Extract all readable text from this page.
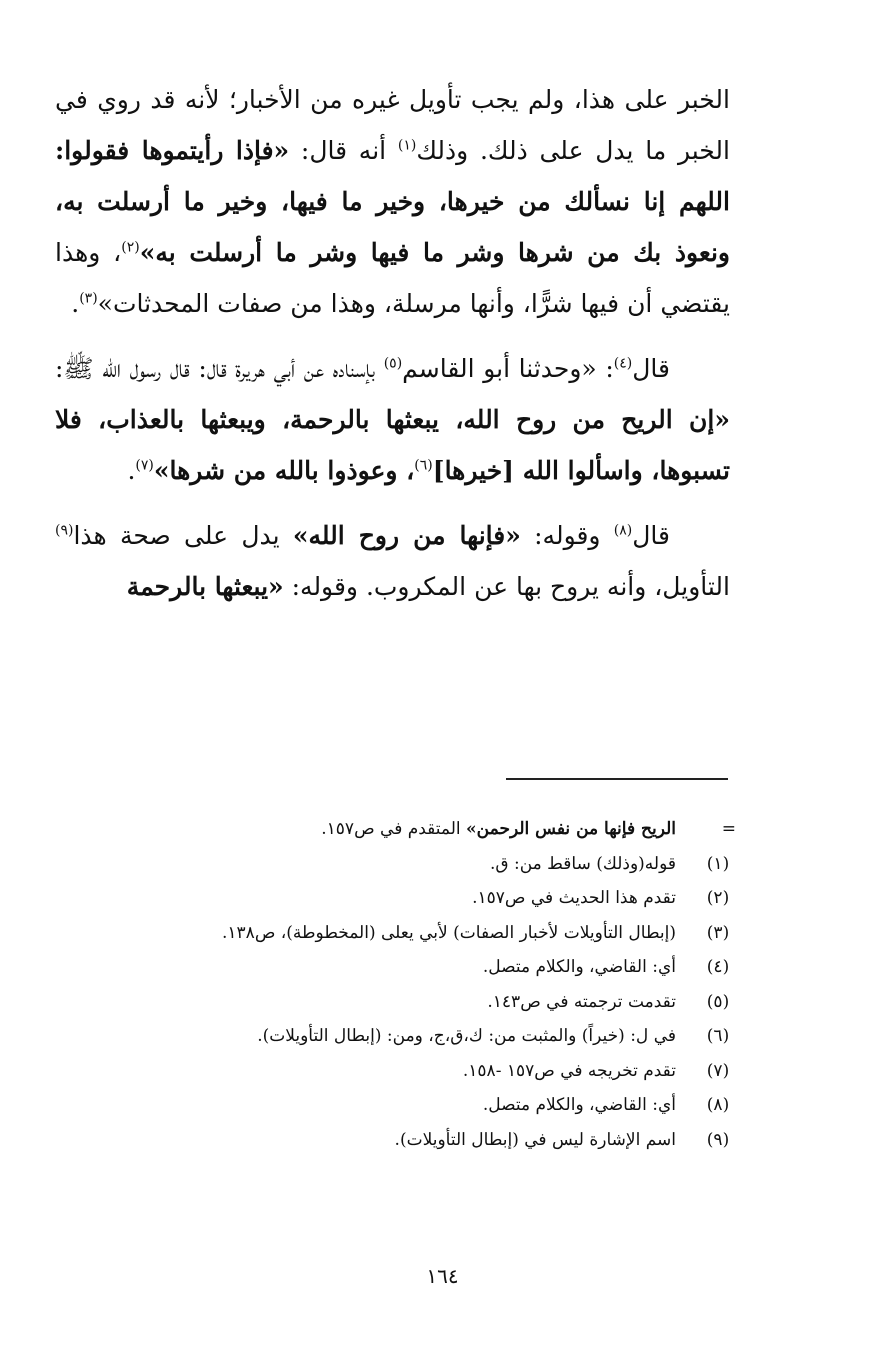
الخبر على هذا، ولم يجب تأويل غيره من الأخبار؛ لأنه قد روي في الخبر ما يدل على ذلك. وذلك$^{(١)}$ أنه قال: «فإذا رأيتموها فقولوا: اللهم إنا نسألك من خيرها، وخير ما فيها، وخير ما أرسلت به، ونعوذ بك من شرها وشر ما فيها وشر ما أرسلت به»$^{(٢)}$، وهذا يقتضي أن فيها شرًّا، وأنها مرسلة، وهذا من صفات المحدثات»$^{(٣)}$.

قال$^{(٤)}$: «وحدثنا أبو القاسم$^{(٥)}$ بإسناده عن أبي هريرة قال: قال رسول الله ﷺ: «إن الريح من روح الله، يبعثها بالرحمة، ويبعثها بالعذاب، فلا تسبوها، واسألوا الله [خيرها]$^{(٦)}$، وعوذوا بالله من شرها»$^{(٧)}$.

قال$^{(٨)}$ وقوله: «فإنها من روح الله» يدل على صحة هذا$^{(٩)}$ التأويل، وأنه يروح بها عن المكروب. وقوله: «يبعثها بالرحمة

=
الريح فإنها من نفس الرحمن» المتقدم في ص١٥٧.
(١)
قوله(وذلك) ساقط من: ق.
(٢)
تقدم هذا الحديث في ص١٥٧.
(٣)
(إبطال التأويلات لأخبار الصفات) لأبي يعلى (المخطوطة)، ص١٣٨.
(٤)
أي: القاضي، والكلام متصل.
(٥)
تقدمت ترجمته في ص١٤٣.
(٦)
في ل: (خيراً) والمثبت من: ك،ق،ج، ومن: (إبطال التأويلات).
(٧)
تقدم تخريجه في ص١٥٧ -١٥٨.
(٨)
أي: القاضي، والكلام متصل.
(٩)
اسم الإشارة ليس في (إبطال التأويلات).
١٦٤
